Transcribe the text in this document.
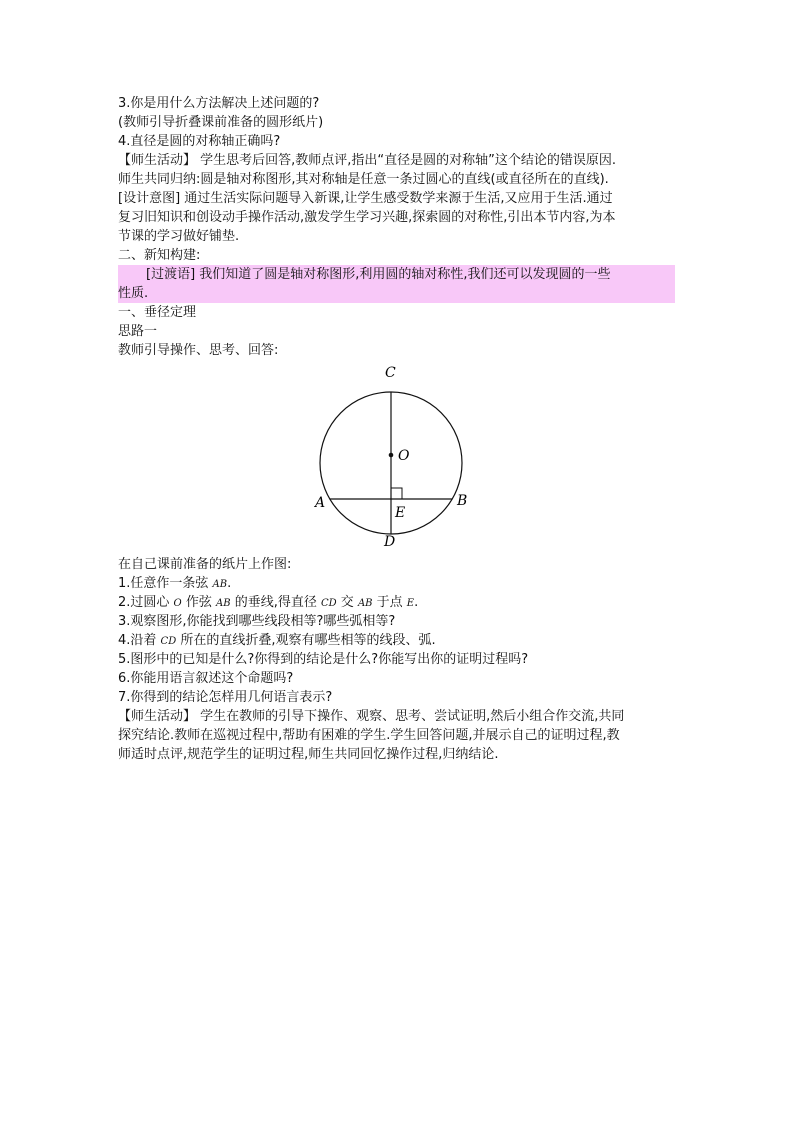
3.你是用什么方法解决上述问题的?
(教师引导折叠课前准备的圆形纸片)
4.直径是圆的对称轴正确吗?
【师生活动】 学生思考后回答,教师点评,指出“直径是圆的对称轴”这个结论的错误原因.
师生共同归纳:圆是轴对称图形,其对称轴是任意一条过圆心的直线(或直径所在的直线).
[设计意图] 通过生活实际问题导入新课,让学生感受数学来源于生活,又应用于生活.通过
复习旧知识和创设动手操作活动,激发学生学习兴趣,探索圆的对称性,引出本节内容,为本
节课的学习做好铺垫.
二、新知构建:
[过渡语] 我们知道了圆是轴对称图形,利用圆的轴对称性,我们还可以发现圆的一些
性质.
一、垂径定理
思路一
教师引导操作、思考、回答:
C
O
A	B
E
D
在自己课前准备的纸片上作图:
1.任意作一条弦 AB.
2.过圆心 O 作弦 AB 的垂线,得直径 CD 交 AB 于点 E.
3.观察图形,你能找到哪些线段相等?哪些弧相等?
4.沿着 CD 所在的直线折叠,观察有哪些相等的线段、弧.
5.图形中的已知是什么?你得到的结论是什么?你能写出你的证明过程吗?
6.你能用语言叙述这个命题吗?
7.你得到的结论怎样用几何语言表示?
【师生活动】 学生在教师的引导下操作、观察、思考、尝试证明,然后小组合作交流,共同
探究结论.教师在巡视过程中,帮助有困难的学生.学生回答问题,并展示自己的证明过程,教
师适时点评,规范学生的证明过程,师生共同回忆操作过程,归纳结论.
